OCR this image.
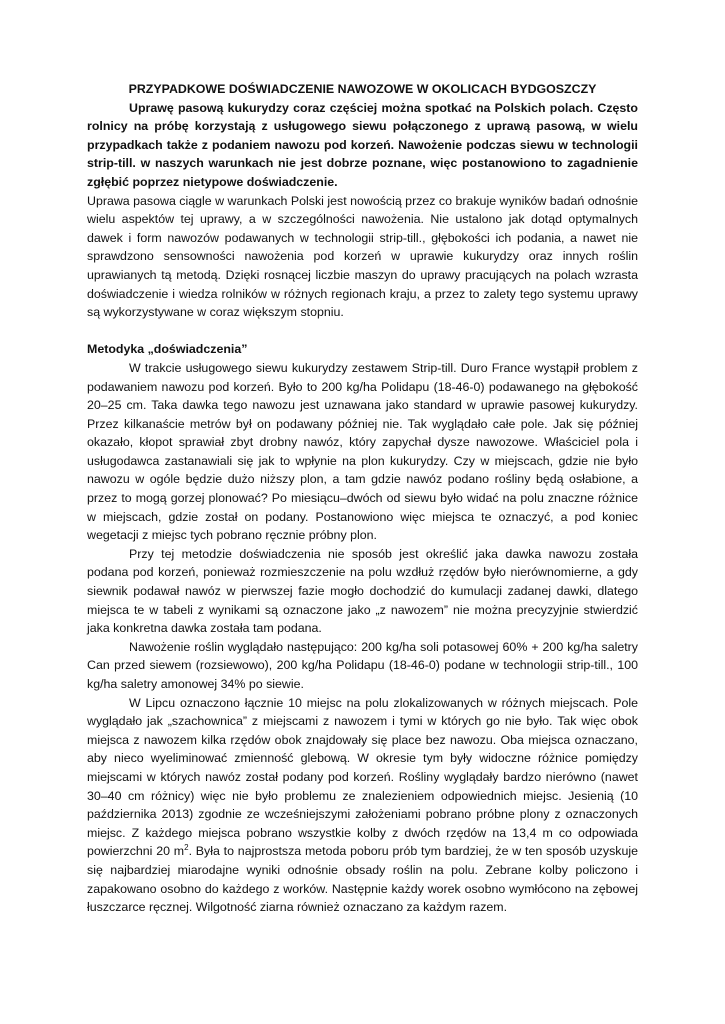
PRZYPADKOWE DOŚWIADCZENIE NAWOZOWE W OKOLICACH BYDGOSZCZY

Uprawę pasową kukurydzy coraz częściej można spotkać na Polskich polach. Często rolnicy na próbę korzystają z usługowego siewu połączonego z uprawą pasową, w wielu przypadkach także z podaniem nawozu pod korzeń. Nawożenie podczas siewu w technologii strip-till. w naszych warunkach nie jest dobrze poznane, więc postanowiono to zagadnienie zgłębić poprzez nietypowe doświadczenie.

Uprawa pasowa ciągle w warunkach Polski jest nowością przez co brakuje wyników badań odnośnie wielu aspektów tej uprawy, a w szczególności nawożenia. Nie ustalono jak dotąd optymalnych dawek i form nawozów podawanych w technologii strip-till., głębokości ich podania, a nawet nie sprawdzono sensowności nawożenia pod korzeń w uprawie kukurydzy oraz innych roślin uprawianych tą metodą. Dzięki rosnącej liczbie maszyn do uprawy pracujących na polach wzrasta doświadczenie i wiedza rolników w różnych regionach kraju, a przez to zalety tego systemu uprawy są wykorzystywane w coraz większym stopniu.

Metodyka „doświadczenia”

W trakcie usługowego siewu kukurydzy zestawem Strip-till. Duro France wystąpił problem z podawaniem nawozu pod korzeń. Było to 200 kg/ha Polidapu (18-46-0) podawanego na głębokość 20–25 cm. Taka dawka tego nawozu jest uznawana jako standard w uprawie pasowej kukurydzy. Przez kilkanaście metrów był on podawany później nie. Tak wyglądało całe pole. Jak się później okazało, kłopot sprawiał zbyt drobny nawóz, który zapychał dysze nawozowe. Właściciel pola i usługodawca zastanawiali się jak to wpłynie na plon kukurydzy. Czy w miejscach, gdzie nie było nawozu w ogóle będzie dużo niższy plon, a tam gdzie nawóz podano rośliny będą osłabione, a przez to mogą gorzej plonować? Po miesiącu–dwóch od siewu było widać na polu znaczne różnice w miejscach, gdzie został on podany. Postanowiono więc miejsca te oznaczyć, a pod koniec wegetacji z miejsc tych pobrano ręcznie próbny plon.

Przy tej metodzie doświadczenia nie sposób jest określić jaka dawka nawozu została podana pod korzeń, ponieważ rozmieszczenie na polu wzdłuż rzędów było nierównomierne, a gdy siewnik podawał nawóz w pierwszej fazie mogło dochodzić do kumulacji zadanej dawki, dlatego miejsca te w tabeli z wynikami są oznaczone jako „z nawozem” nie można precyzyjnie stwierdzić jaka konkretna dawka została tam podana.

Nawożenie roślin wyglądało następująco: 200 kg/ha soli potasowej 60% + 200 kg/ha saletry Can przed siewem (rozsiewowo), 200 kg/ha Polidapu (18-46-0) podane w technologii strip-till., 100 kg/ha saletry amonowej 34% po siewie.

W Lipcu oznaczono łącznie 10 miejsc na polu zlokalizowanych w różnych miejscach. Pole wyglądało jak „szachownica” z miejscami z nawozem i tymi w których go nie było. Tak więc obok miejsca z nawozem kilka rzędów obok znajdowały się place bez nawozu. Oba miejsca oznaczano, aby nieco wyeliminować zmienność glebową. W okresie tym były widoczne różnice pomiędzy miejscami w których nawóz został podany pod korzeń. Rośliny wyglądały bardzo nierówno (nawet 30–40 cm różnicy) więc nie było problemu ze znalezieniem odpowiednich miejsc. Jesienią (10 października 2013) zgodnie ze wcześniejszymi założeniami pobrano próbne plony z oznaczonych miejsc. Z każdego miejsca pobrano wszystkie kolby z dwóch rzędów na 13,4 m co odpowiada powierzchni 20 $m^2$. Była to najprostsza metoda poboru prób tym bardziej, że w ten sposób uzyskuje się najbardziej miarodajne wyniki odnośnie obsady roślin na polu. Zebrane kolby policzono i zapakowano osobno do każdego z worków. Następnie każdy worek osobno wymłócono na zębowej łuszczarce ręcznej. Wilgotność ziarna również oznaczano za każdym razem.
